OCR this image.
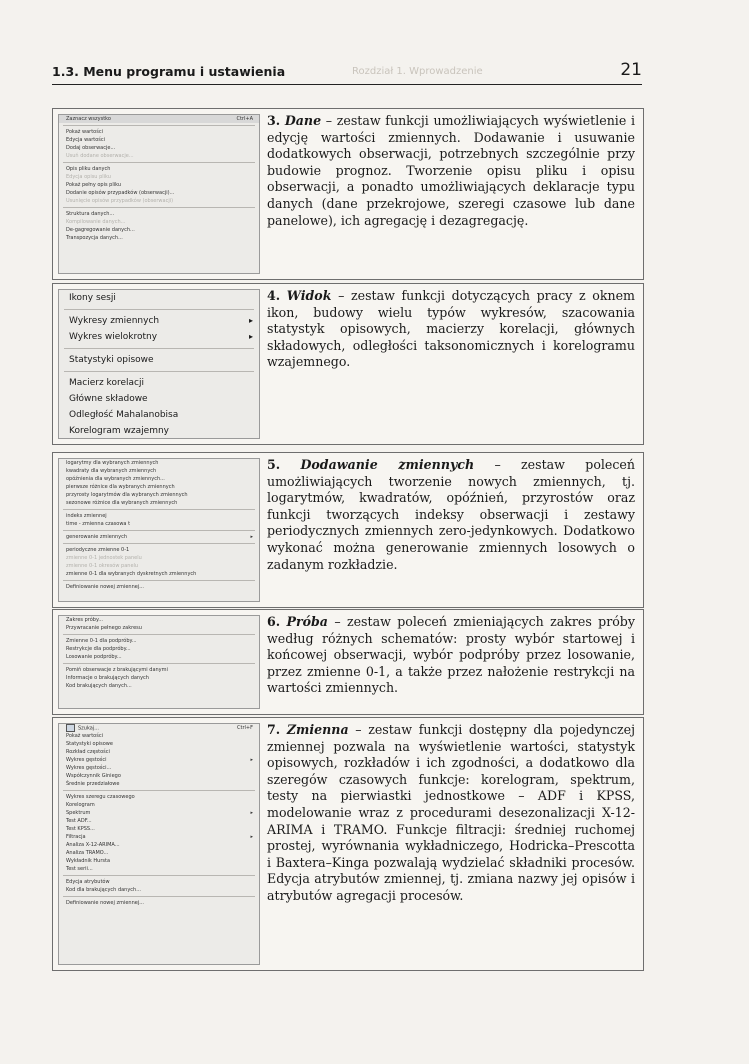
1.3. Menu programu i ustawienia	Rozdział 1. Wprowadzenie	21
Zaznacz wszystko	Ctrl+A
Pokaż wartości
Edycja wartości
Dodaj obserwacje...
Usuń dodane obserwacje...
Opis pliku danych
Edycja opisu pliku
Pokaż pełny opis pliku
Dodanie opisów przypadków (obserwacji)...
Usunięcie opisów przypadków (obserwacji)
Struktura danych...
Kompilowanie danych...
De-gagregowanie danych...
Transpozycja danych...

3. Dane – zestaw funkcji umożliwiających wyświetlenie i edycję wartości zmiennych. Dodawanie i usuwanie dodatkowych obserwacji, potrzebnych szczególnie przy budowie prognoz. Tworzenie opisu pliku i opisu obserwacji, a ponadto umożliwiających deklaracje typu danych (dane przekrojowe, szeregi czasowe lub dane panelowe), ich agregację i dezagregację.

Ikony sesji
Wykresy zmiennych	▸
Wykres wielokrotny	▸
Statystyki opisowe
Macierz korelacji
Główne składowe
Odległość Mahalanobisa
Korelogram wzajemny

4. Widok – zestaw funkcji dotyczących pracy z oknem ikon, budowy wielu typów wykresów, szacowania statystyk opisowych, macierzy korelacji, głównych składowych, odległości taksonomicznych i korelogramu wzajemnego.

logarytmy dla wybranych zmiennych
kwadraty dla wybranych zmiennych
opóźnienia dla wybranych zmiennych...
pierwsze różnice dla wybranych zmiennych
przyrosty logarytmów dla wybranych zmiennych
sezonowe różnice dla wybranych zmiennych
indeks zmiennej
time - zmienna czasowa t
generowanie zmiennych	▸
periodyczne zmienne 0-1
zmienne 0-1 jednostek panelu
zmienne 0-1 okresów panelu
zmienne 0-1 dla wybranych dyskretnych zmiennych
Definiowanie nowej zmiennej...

5. Dodawanie zmiennych – zestaw poleceń umożliwiających tworzenie nowych zmiennych, tj. logarytmów, kwadratów, opóźnień, przyrostów oraz funkcji tworzących indeksy obserwacji i zestawy periodycznych zmiennych zero-jedynkowych. Dodatkowo wykonać można generowanie zmiennych losowych o zadanym rozkładzie.

Zakres próby...
Przywracanie pełnego zakresu
Zmienne 0-1 dla podpróby...
Restrykcje dla podpróby...
Losowanie podpróby...
Pomiń obserwacje z brakującymi danymi
Informacje o brakujących danych
Kod brakujących danych...

6. Próba – zestaw poleceń zmieniających zakres próby według różnych schematów: prosty wybór startowej i końcowej obserwacji, wybór podpróby przez losowanie, przez zmienne 0-1, a także przez nałożenie restrykcji na wartości zmiennych.

Szukaj...	Ctrl+F
Pokaż wartości
Statystyki opisowe
Rozkład częstości
Wykres gęstości	▸
Wykres gęstości...
Współczynnik Giniego
Średnie przedziałowe
Wykres szeregu czasowego
Korelogram
Spektrum	▸
Test ADF...
Test KPSS...
Filtracja	▸
Analiza X-12-ARIMA...
Analiza TRAMO...
Wykładnik Hursta
Test serii...
Edycja atrybutów
Kod dla brakujących danych...
Definiowanie nowej zmiennej...

7. Zmienna – zestaw funkcji dostępny dla pojedynczej zmiennej pozwala na wyświetlenie wartości, statystyk opisowych, rozkładów i ich zgodności, a dodatkowo dla szeregów czasowych funkcje: korelogram, spektrum, testy na pierwiastki jednostkowe – ADF i KPSS, modelowanie wraz z procedurami desezonalizacji X-12-ARIMA i TRAMO. Funkcje filtracji: średniej ruchomej prostej, wyrównania wykładniczego, Hodricka–Prescotta i Baxtera–Kinga pozwalają wydzielać składniki procesów. Edycja atrybutów zmiennej, tj. zmiana nazwy jej opisów i atrybutów agregacji procesów.
